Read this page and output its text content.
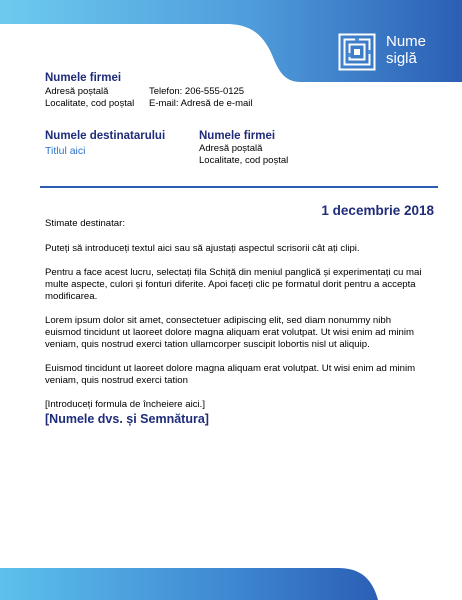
Nume
siglă
Numele firmei
Adresă poștală
Localitate, cod poștal
Telefon: 206-555-0125
E-mail: Adresă de e-mail
Numele destinatarului
Titlul aici
Numele firmei
Adresă poștală
Localitate, cod poștal
1 decembrie 2018

Stimate destinatar:

Puteți să introduceți textul aici sau să ajustați aspectul scrisorii cât ați clipi.

Pentru a face acest lucru, selectați fila Schiță din meniul panglică și experimentați cu mai multe aspecte, culori și fonturi diferite. Apoi faceți clic pe formatul dorit pentru a accepta modificarea.

Lorem ipsum dolor sit amet, consectetuer adipiscing elit, sed diam nonummy nibh euismod tincidunt ut laoreet dolore magna aliquam erat volutpat. Ut wisi enim ad minim veniam, quis nostrud exerci tation ullamcorper suscipit lobortis nisl ut aliquip.

Euismod tincidunt ut laoreet dolore magna aliquam erat volutpat. Ut wisi enim ad minim veniam, quis nostrud exerci tation

[Introduceți formula de încheiere aici.]
[Numele dvs. și Semnătura]
